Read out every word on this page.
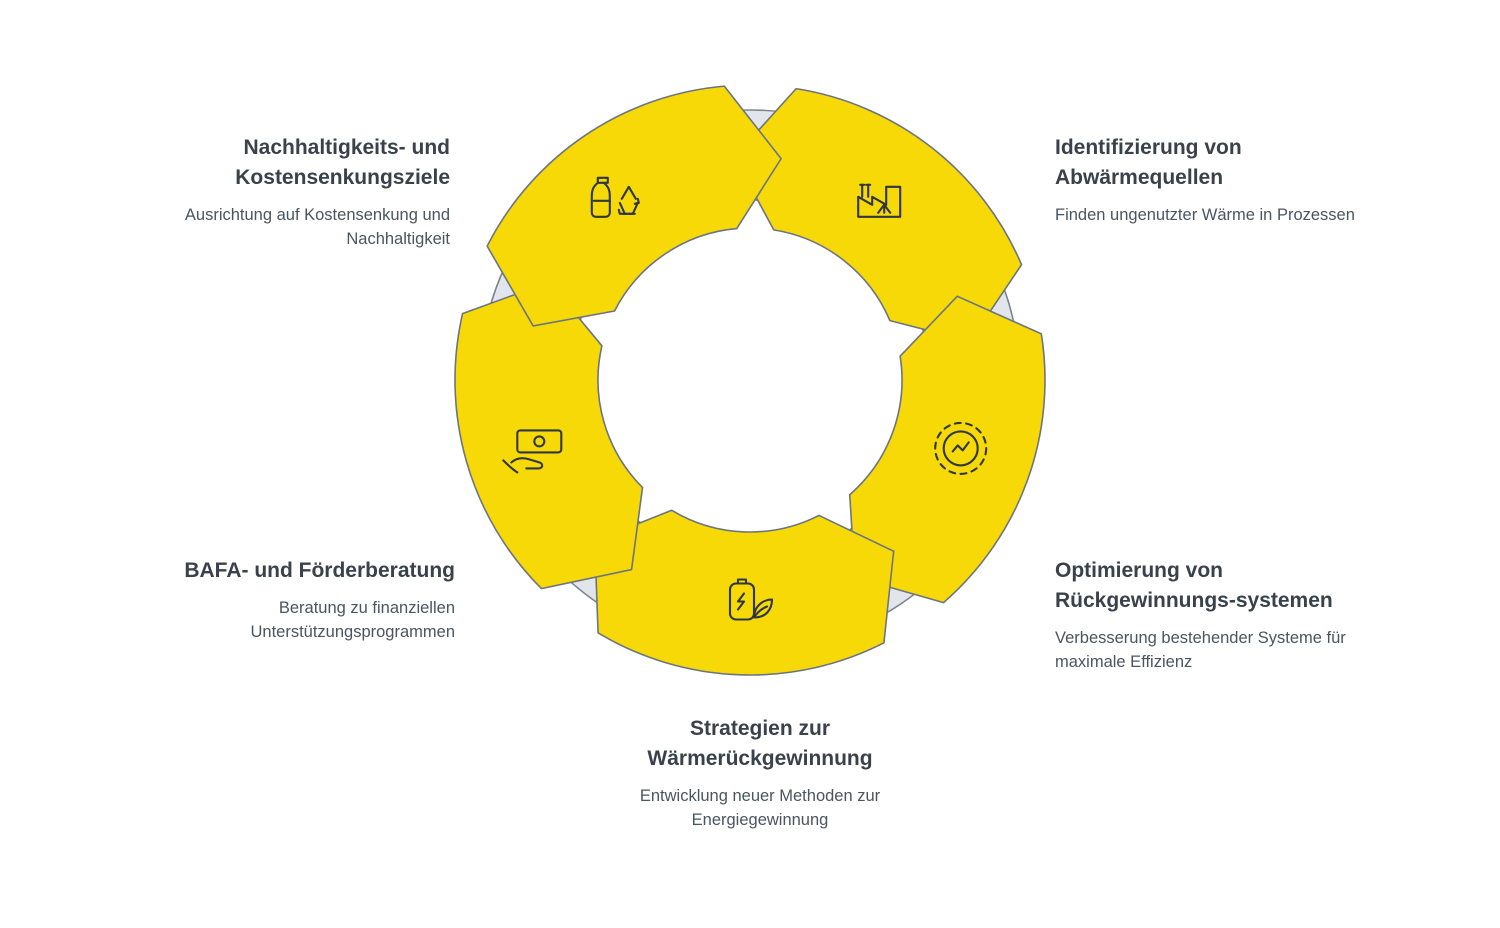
Nachhaltigkeits- und Kostensenkungsziele

Ausrichtung auf Kostensenkung und Nachhaltigkeit

Identifizierung von Abwärmequellen

Finden ungenutzter Wärme in Prozessen

Optimierung von Rückgewinnungs-systemen

Verbesserung bestehender Systeme für maximale Effizienz

Strategien zur Wärmerückgewinnung

Entwicklung neuer Methoden zur Energiegewinnung

BAFA- und Förderberatung

Beratung zu finanziellen Unterstützungsprogrammen
